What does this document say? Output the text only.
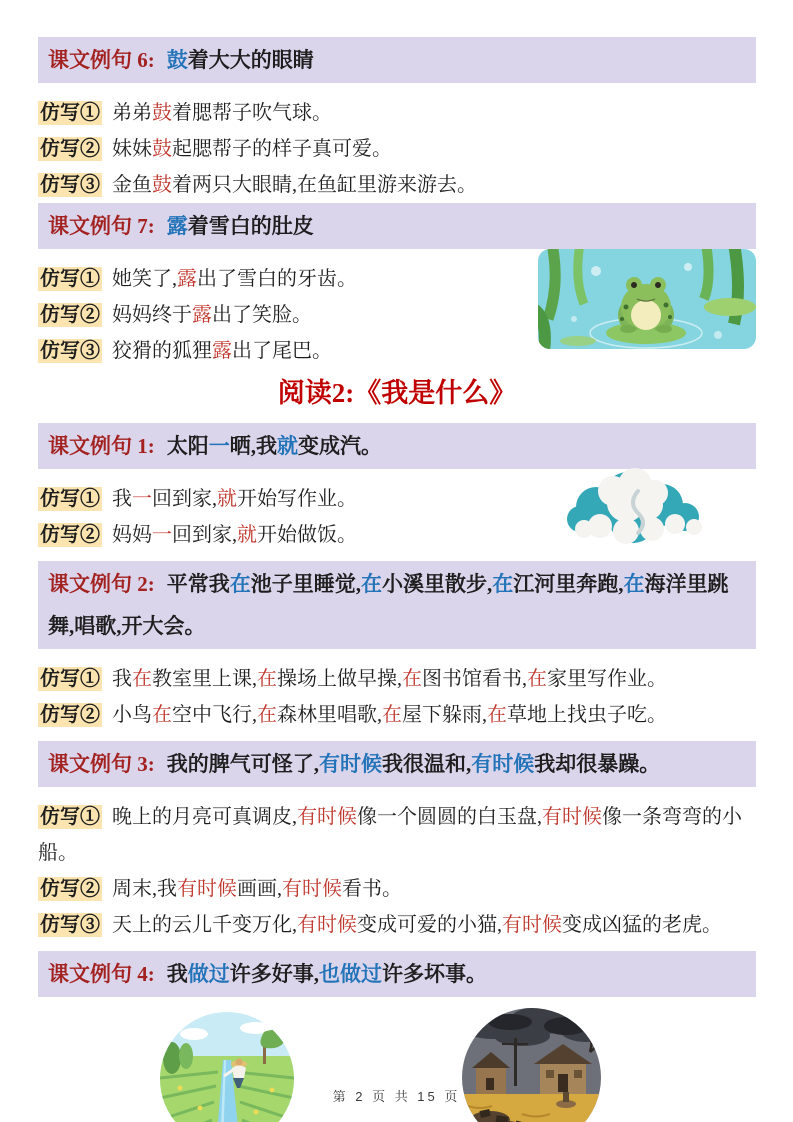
课文例句 6: 鼓着大大的眼睛

仿写① 弟弟鼓着腮帮子吹气球。

仿写② 妹妹鼓起腮帮子的样子真可爱。

仿写③ 金鱼鼓着两只大眼睛,在鱼缸里游来游去。

课文例句 7: 露着雪白的肚皮

仿写① 她笑了,露出了雪白的牙齿。

仿写② 妈妈终于露出了笑脸。

仿写③ 狡猾的狐狸露出了尾巴。

阅读2:《我是什么》
课文例句 1: 太阳一晒,我就变成汽。

仿写① 我一回到家,就开始写作业。

仿写② 妈妈一回到家,就开始做饭。

课文例句 2: 平常我在池子里睡觉,在小溪里散步,在江河里奔跑,在海洋里跳舞,唱歌,开大会。

仿写① 我在教室里上课,在操场上做早操,在图书馆看书,在家里写作业。

仿写② 小鸟在空中飞行,在森林里唱歌,在屋下躲雨,在草地上找虫子吃。

课文例句 3: 我的脾气可怪了,有时候我很温和,有时候我却很暴躁。

仿写① 晚上的月亮可真调皮,有时候像一个圆圆的白玉盘,有时候像一条弯弯的小船。

仿写② 周末,我有时候画画,有时候看书。

仿写③ 天上的云儿千变万化,有时候变成可爱的小猫,有时候变成凶猛的老虎。

课文例句 4: 我做过许多好事,也做过许多坏事。
第 2 页 共 15 页
